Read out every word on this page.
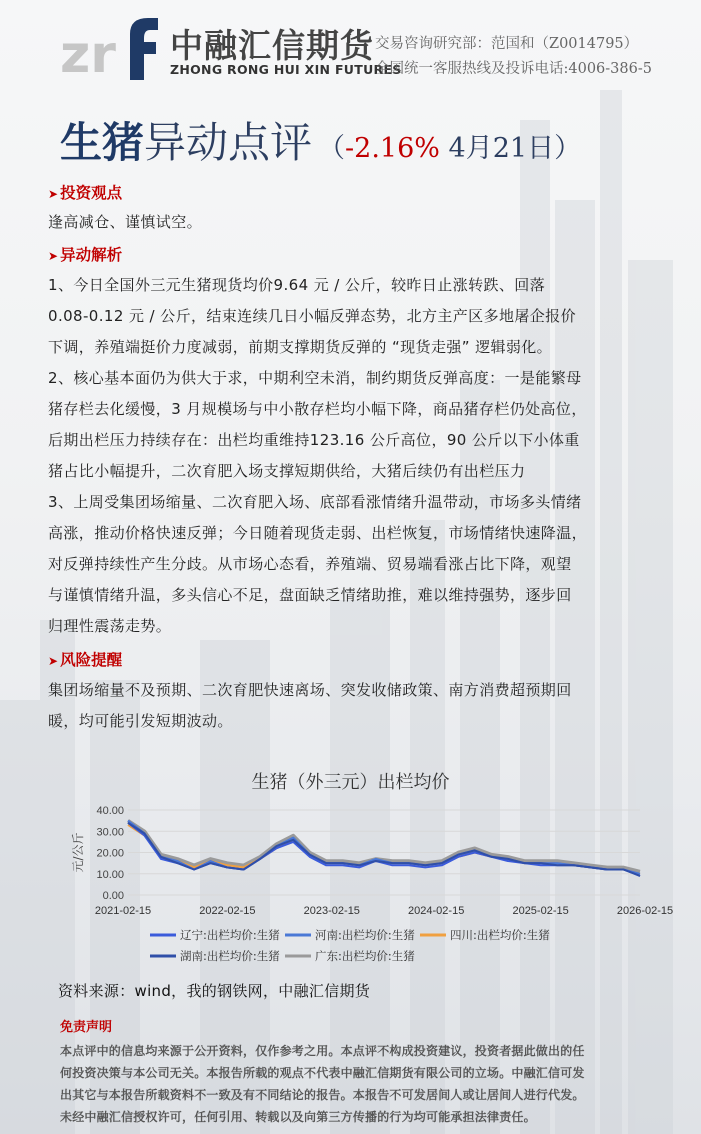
zr 中融汇信期货
ZHONG RONG HUI XIN FUTURES
交易咨询研究部：范国和（Z0014795）
全国统一客服热线及投诉电话:4006-386-5
生猪异动点评 （-2.16% 4月21日）
➤ 投资观点
逢高减仓、谨慎试空。
➤ 异动解析
1、今日全国外三元生猪现货均价9.64 元 / 公斤，较昨日止涨转跌、回落
0.08-0.12 元 / 公斤，结束连续几日小幅反弹态势，北方主产区多地屠企报价
下调，养殖端挺价力度减弱，前期支撑期货反弹的 “现货走强” 逻辑弱化。
2、核心基本面仍为供大于求，中期利空未消，制约期货反弹高度：一是能繁母
猪存栏去化缓慢，3 月规模场与中小散存栏均小幅下降，商品猪存栏仍处高位，
后期出栏压力持续存在：出栏均重维持123.16 公斤高位，90 公斤以下小体重
猪占比小幅提升，二次育肥入场支撑短期供给，大猪后续仍有出栏压力
3、上周受集团场缩量、二次育肥入场、底部看涨情绪升温带动，市场多头情绪
高涨，推动价格快速反弹；今日随着现货走弱、出栏恢复，市场情绪快速降温，
对反弹持续性产生分歧。从市场心态看，养殖端、贸易端看涨占比下降，观望
与谨慎情绪升温，多头信心不足，盘面缺乏情绪助推，难以维持强势，逐步回
归理性震荡走势。
➤ 风险提醒
集团场缩量不及预期、二次育肥快速离场、突发收储政策、南方消费超预期回
暖，均可能引发短期波动。
生猪（外三元）出栏均价
40.00
30.00
20.00
10.00
0.00
元/公斤
2021-02-15	2022-02-15	2023-02-15	2024-02-15	2025-02-15	2026-02-15
辽宁:出栏均价:生猪	河南:出栏均价:生猪	四川:出栏均价:生猪
湖南:出栏均价:生猪	广东:出栏均价:生猪
资料来源：wind，我的钢铁网，中融汇信期货
免责声明
本点评中的信息均来源于公开资料，仅作参考之用。本点评不构成投资建议，投资者据此做出的任
何投资决策与本公司无关。本报告所载的观点不代表中融汇信期货有限公司的立场。中融汇信可发
出其它与本报告所载资料不一致及有不同结论的报告。本报告不可发居间人或让居间人进行代发。
未经中融汇信授权许可，任何引用、转载以及向第三方传播的行为均可能承担法律责任。
